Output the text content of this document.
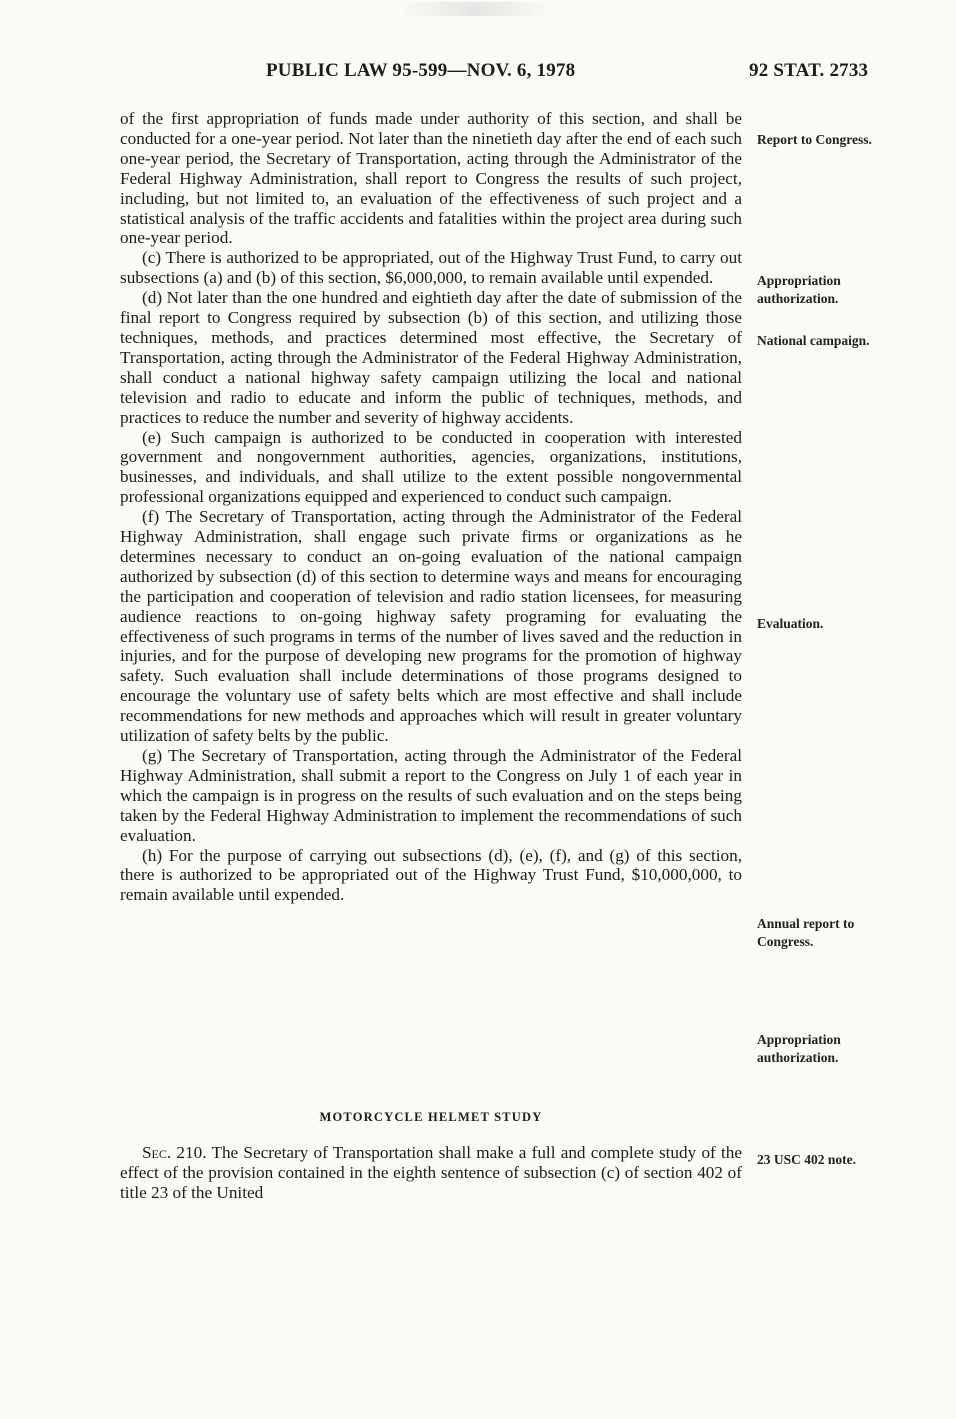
PUBLIC LAW 95-599—NOV. 6, 1978	92 STAT. 2733

of the first appropriation of funds made under authority of this section, and shall be conducted for a one-year period. Not later than the ninetieth day after the end of each such one-year period, the Secretary of Transportation, acting through the Administrator of the Federal Highway Administration, shall report to Congress the results of such project, including, but not limited to, an evaluation of the effectiveness of such project and a statistical analysis of the traffic accidents and fatalities within the project area during such one-year period.

(c) There is authorized to be appropriated, out of the Highway Trust Fund, to carry out subsections (a) and (b) of this section, $6,000,000, to remain available until expended.

(d) Not later than the one hundred and eightieth day after the date of submission of the final report to Congress required by subsection (b) of this section, and utilizing those techniques, methods, and practices determined most effective, the Secretary of Transportation, acting through the Administrator of the Federal Highway Administration, shall conduct a national highway safety campaign utilizing the local and national television and radio to educate and inform the public of techniques, methods, and practices to reduce the number and severity of highway accidents.

(e) Such campaign is authorized to be conducted in cooperation with interested government and nongovernment authorities, agencies, organizations, institutions, businesses, and individuals, and shall utilize to the extent possible nongovernmental professional organizations equipped and experienced to conduct such campaign.

(f) The Secretary of Transportation, acting through the Administrator of the Federal Highway Administration, shall engage such private firms or organizations as he determines necessary to conduct an on-going evaluation of the national campaign authorized by subsection (d) of this section to determine ways and means for encouraging the participation and cooperation of television and radio station licensees, for measuring audience reactions to on-going highway safety programing for evaluating the effectiveness of such programs in terms of the number of lives saved and the reduction in injuries, and for the purpose of developing new programs for the promotion of highway safety. Such evaluation shall include determinations of those programs designed to encourage the voluntary use of safety belts which are most effective and shall include recommendations for new methods and approaches which will result in greater voluntary utilization of safety belts by the public.

(g) The Secretary of Transportation, acting through the Administrator of the Federal Highway Administration, shall submit a report to the Congress on July 1 of each year in which the campaign is in progress on the results of such evaluation and on the steps being taken by the Federal Highway Administration to implement the recommendations of such evaluation.

(h) For the purpose of carrying out subsections (d), (e), (f), and (g) of this section, there is authorized to be appropriated out of the Highway Trust Fund, $10,000,000, to remain available until expended.

MOTORCYCLE HELMET STUDY

Sec. 210. The Secretary of Transportation shall make a full and complete study of the effect of the provision contained in the eighth sentence of subsection (c) of section 402 of title 23 of the United

Report to Congress.
Appropriation authorization.
National campaign.
Evaluation.
Annual report to Congress.
Appropriation authorization.
23 USC 402 note.
